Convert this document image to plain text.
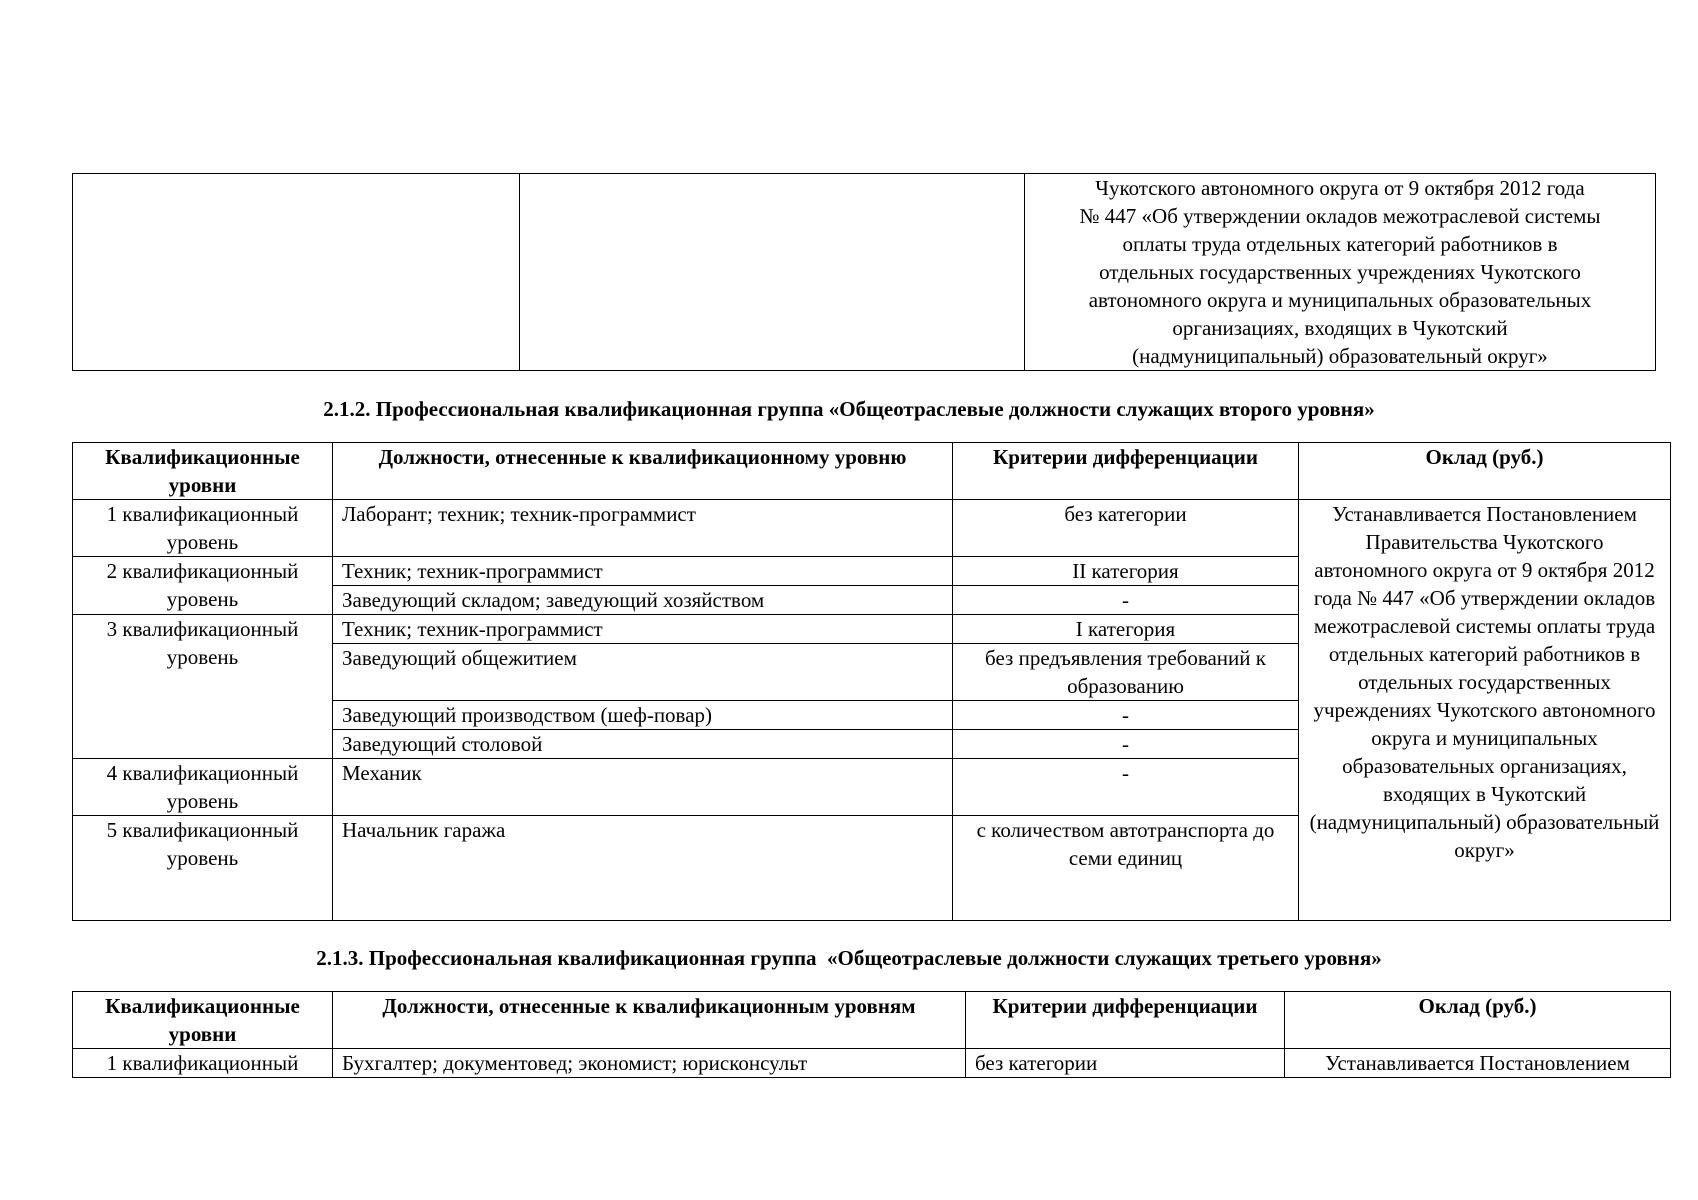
		Чукотского автономного округа от 9 октября 2012 года
№ 447 «Об утверждении окладов межотраслевой системы
оплаты труда отдельных категорий работников в
отдельных государственных учреждениях Чукотского
автономного округа и муниципальных образовательных
организациях, входящих в Чукотский
(надмуниципальный) образовательный округ»
2.1.2. Профессиональная квалификационная группа «Общеотраслевые должности служащих второго уровня»
Квалификационные уровни	Должности, отнесенные к квалификационному уровню	Критерии дифференциации	Оклад (руб.)
1 квалификационный уровень	Лаборант; техник; техник-программист	без категории	Устанавливается Постановлением Правительства Чукотского автономного округа от 9 октября 2012 года № 447 «Об утверждении окладов межотраслевой системы оплаты труда отдельных категорий работников в отдельных государственных учреждениях Чукотского автономного округа и муниципальных образовательных организациях, входящих в Чукотский (надмуниципальный) образовательный округ»
2 квалификационный уровень	Техник; техник-программист	II категория	
	Заведующий складом; заведующий хозяйством	-	
3 квалификационный уровень	Техник; техник-программист	I категория	
	Заведующий общежитием	без предъявления требований к образованию	
	Заведующий производством (шеф-повар)	-	
	Заведующий столовой	-	
4 квалификационный уровень	Механик	-	
5 квалификационный уровень	Начальник гаража	с количеством автотранспорта до семи единиц	
2.1.3. Профессиональная квалификационная группа  «Общеотраслевые должности служащих третьего уровня»
Квалификационные уровни	Должности, отнесенные к квалификационным уровням	Критерии дифференциации	Оклад (руб.)
1 квалификационный	Бухгалтер; документовед; экономист; юрисконсульт	без категории	Устанавливается Постановлением
